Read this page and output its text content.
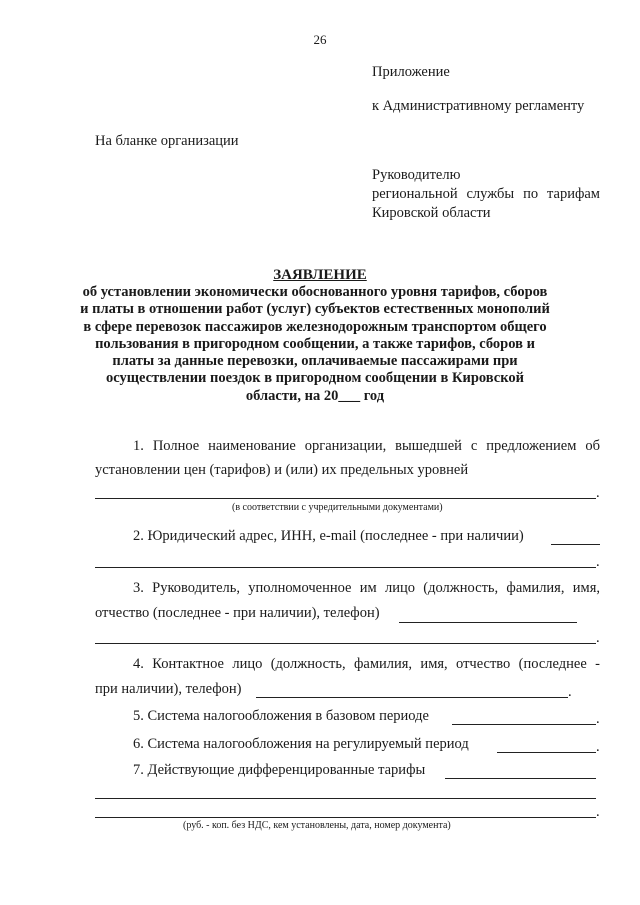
26
Приложение
к Административному регламенту
На бланке организации
Руководителю
региональной службы по тарифам
Кировской области
ЗАЯВЛЕНИЕ
об установлении экономически обоснованного уровня тарифов, сборов и платы в отношении работ (услуг) субъектов естественных монополий в сфере перевозок пассажиров железнодорожным транспортом общего пользования в пригородном сообщении, а также тарифов, сборов и платы за данные перевозки, оплачиваемые пассажирами при осуществлении поездок в пригородном сообщении в Кировской области, на 20___ год
1. Полное наименование организации, вышедшей с предложением об
установлении цен (тарифов) и (или) их предельных уровней
.
(в соответствии с учредительными документами)
2. Юридический адрес, ИНН, e-mail (последнее - при наличии)
.
3. Руководитель, уполномоченное им лицо (должность, фамилия, имя,
отчество (последнее - при наличии), телефон)
.
4. Контактное лицо (должность, фамилия, имя, отчество (последнее -
при наличии), телефон)	.
5. Система налогообложения в базовом периоде	.
6. Система налогообложения на регулируемый период	.
7. Действующие дифференцированные тарифы
.
(руб. - коп. без НДС, кем установлены, дата, номер документа)
